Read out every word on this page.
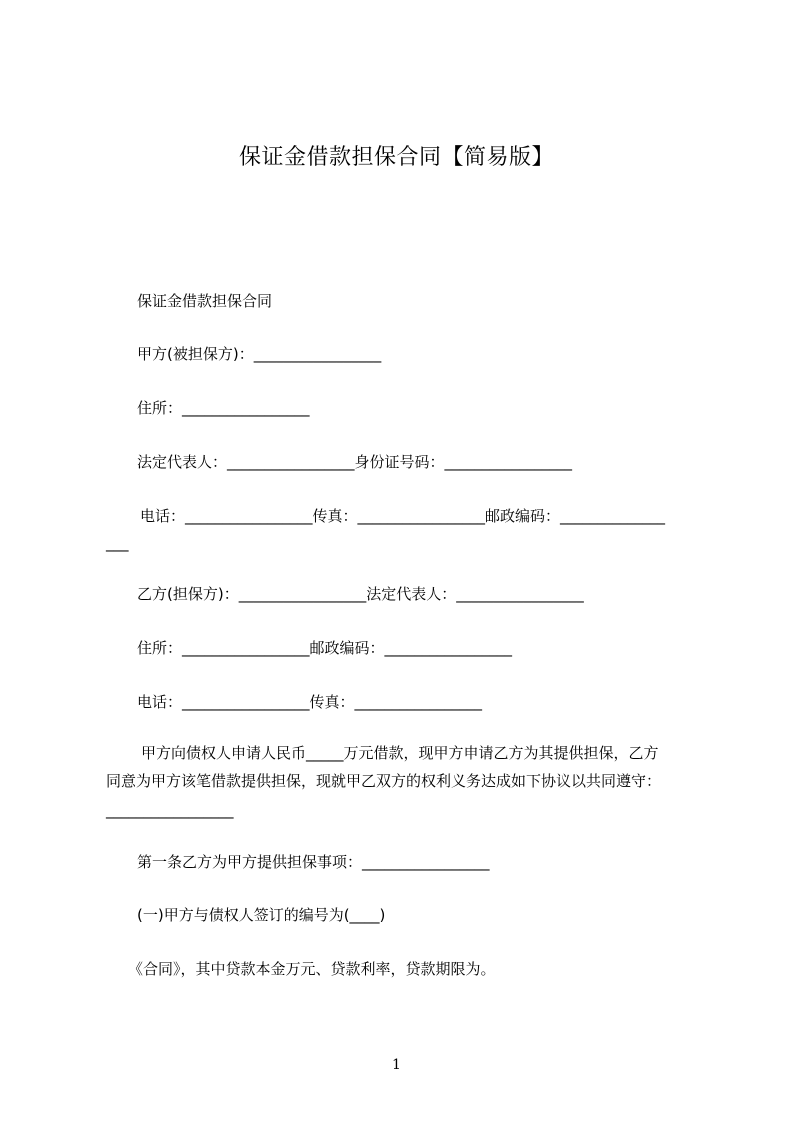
保证金借款担保合同【简易版】
保证金借款担保合同
甲方(被担保方)：_________________
住所：_________________
法定代表人：_________________身份证号码：_________________
电话：_________________传真：_________________邮政编码：______________
___
乙方(担保方)：_________________法定代表人：_________________
住所：_________________邮政编码：_________________
电话：_________________传真：_________________
甲方向债权人申请人民币_____万元借款，现甲方申请乙方为其提供担保，乙方
同意为甲方该笔借款提供担保，现就甲乙双方的权利义务达成如下协议以共同遵守：
_________________
第一条乙方为甲方提供担保事项：_________________
(一)甲方与债权人签订的编号为(____)
《合同》，其中贷款本金万元、贷款利率，贷款期限为。
1
